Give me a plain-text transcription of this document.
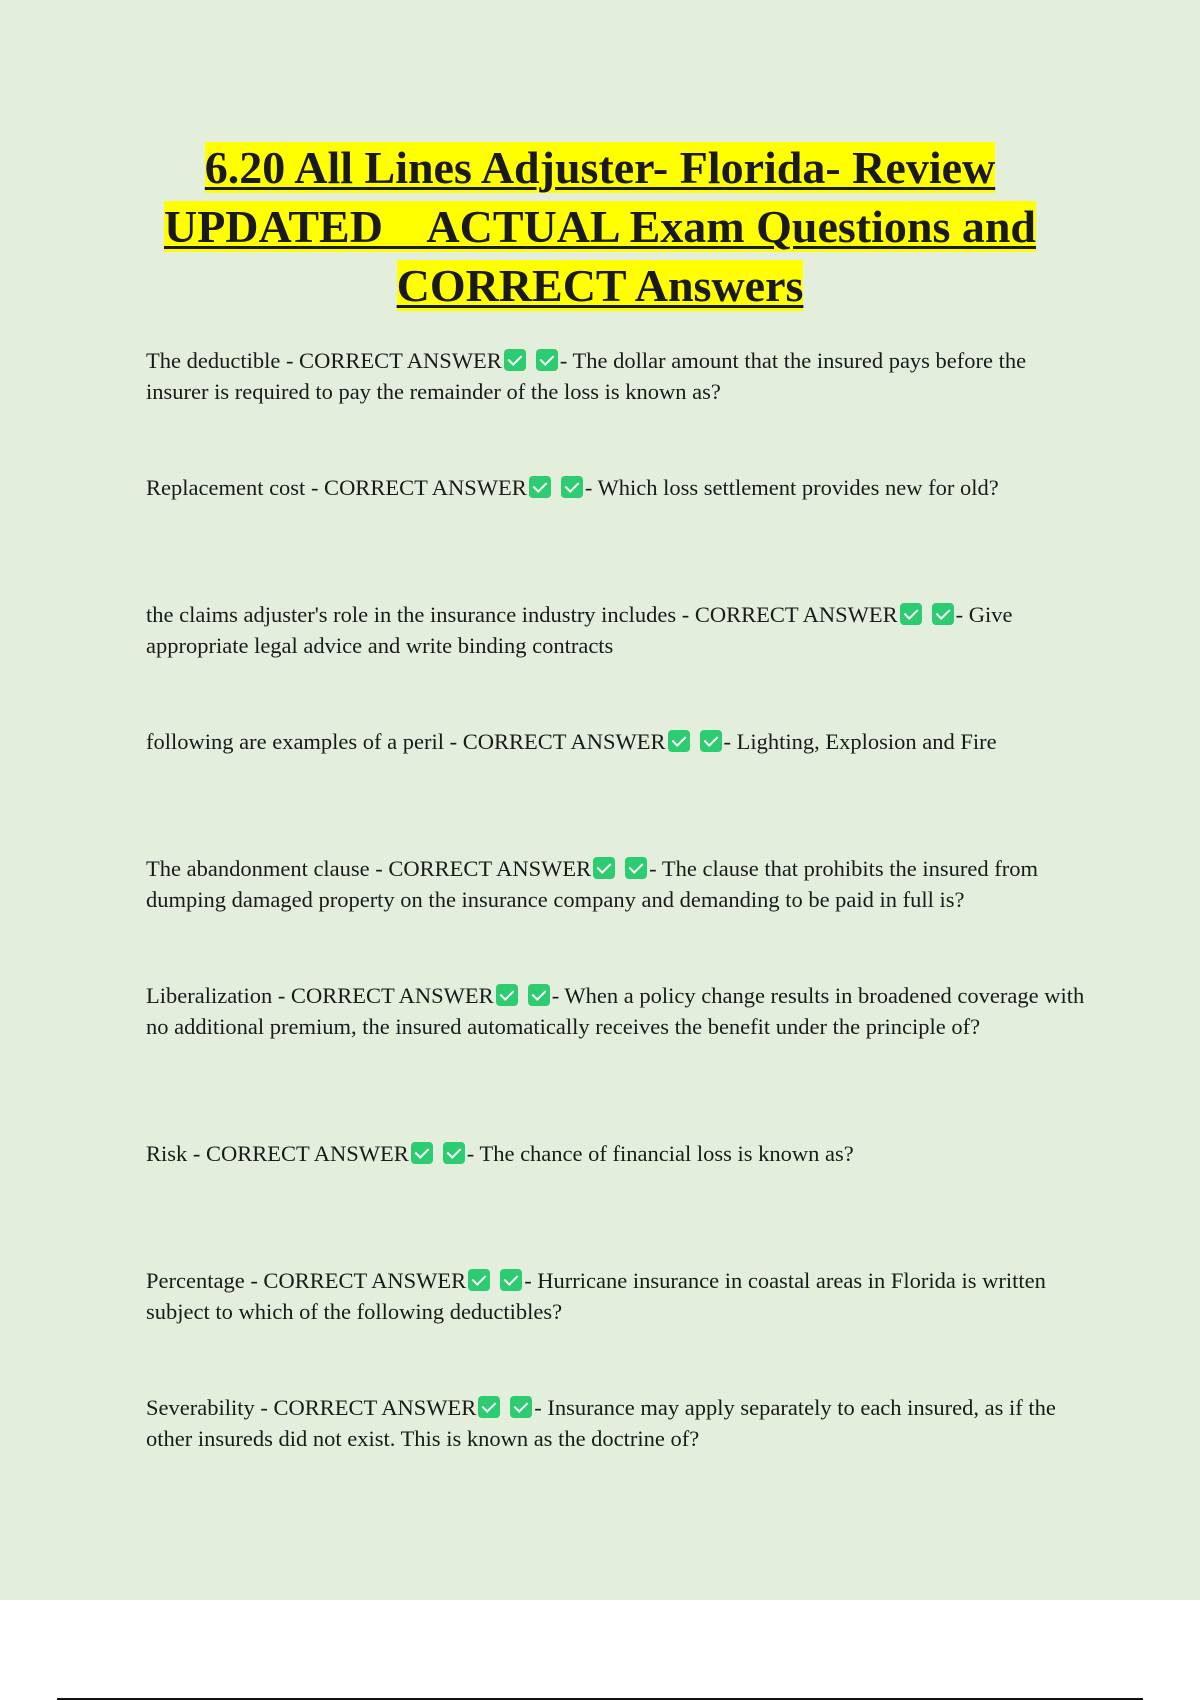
6.20 All Lines Adjuster- Florida- Review
UPDATED    ACTUAL Exam Questions and
CORRECT Answers

The deductible - CORRECT ANSWER	- The dollar amount that the insured pays before the insurer is required to pay the remainder of the loss is known as?

Replacement cost - CORRECT ANSWER	- Which loss settlement provides new for old?

the claims adjuster's role in the insurance industry includes - CORRECT ANSWER	- Give appropriate legal advice and write binding contracts

following are examples of a peril - CORRECT ANSWER	- Lighting, Explosion and Fire

The abandonment clause - CORRECT ANSWER	- The clause that prohibits the insured from dumping damaged property on the insurance company and demanding to be paid in full is?

Liberalization - CORRECT ANSWER	- When a policy change results in broadened coverage with no additional premium, the insured automatically receives the benefit under the principle of?

Risk - CORRECT ANSWER	- The chance of financial loss is known as?

Percentage - CORRECT ANSWER	- Hurricane insurance in coastal areas in Florida is written subject to which of the following deductibles?

Severability - CORRECT ANSWER	- Insurance may apply separately to each insured, as if the other insureds did not exist. This is known as the doctrine of?
